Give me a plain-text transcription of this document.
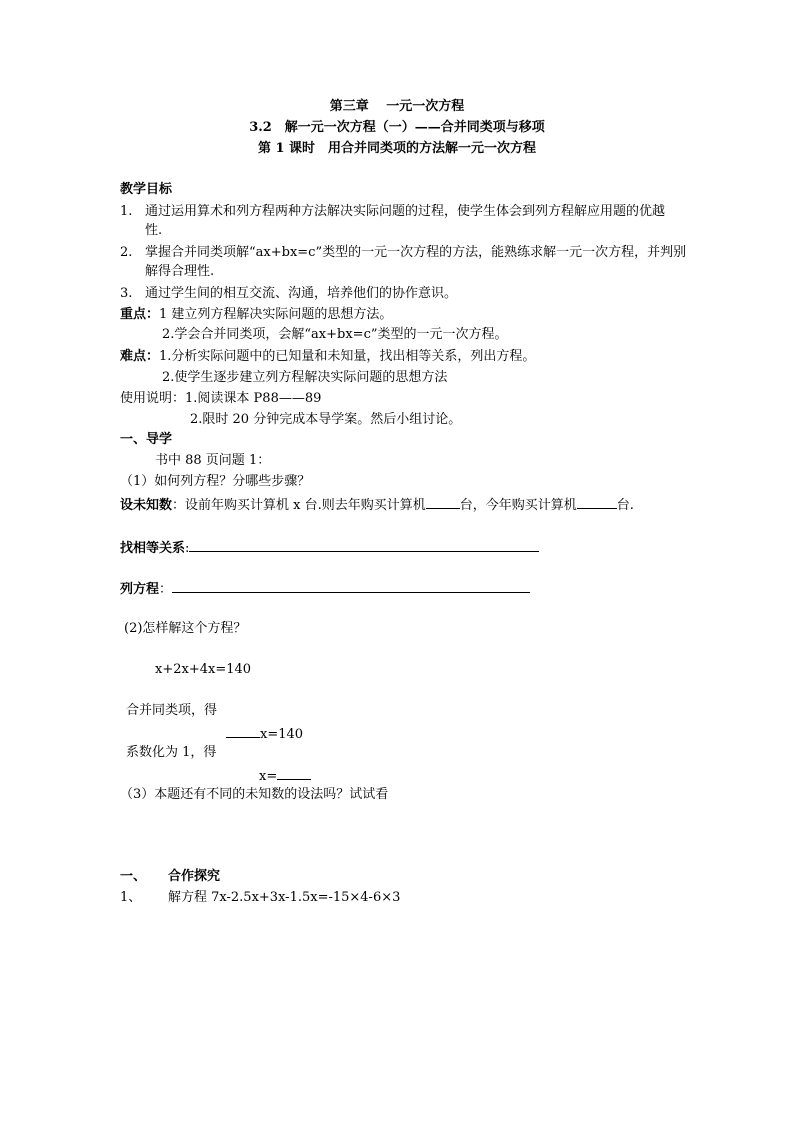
第三章　 一元一次方程
3.2　解一元一次方程（一）——合并同类项与移项
第 1 课时　用合并同类项的方法解一元一次方程
教学目标
1. 通过运用算术和列方程两种方法解决实际问题的过程，使学生体会到列方程解应用题的优越
性.
2. 掌握合并同类项解“ax+bx=c”类型的一元一次方程的方法，能熟练求解一元一次方程，并判别
解得合理性.
3. 通过学生间的相互交流、沟通，培养他们的协作意识。
重点：1 建立列方程解决实际问题的思想方法。
2.学会合并同类项，会解“ax+bx=c”类型的一元一次方程。
难点：1.分析实际问题中的已知量和未知量，找出相等关系，列出方程。
2.使学生逐步建立列方程解决实际问题的思想方法
使用说明：1.阅读课本 P88——89
2.限时 20 分钟完成本导学案。然后小组讨论。
一、导学
书中 88 页问题 1：
（1）如何列方程？分哪些步骤？
设未知数：设前年购买计算机 x 台.则去年购买计算机	台，今年购买计算机	台.
找相等关系:
列方程：
(2)怎样解这个方程？
x+2x+4x=140
合并同类项，得
x=140
系数化为 1，得
x=
（3）本题还有不同的未知数的设法吗？试试看
一、 合作探究
1、 解方程 7x-2.5x+3x-1.5x=-15×4-6×3
